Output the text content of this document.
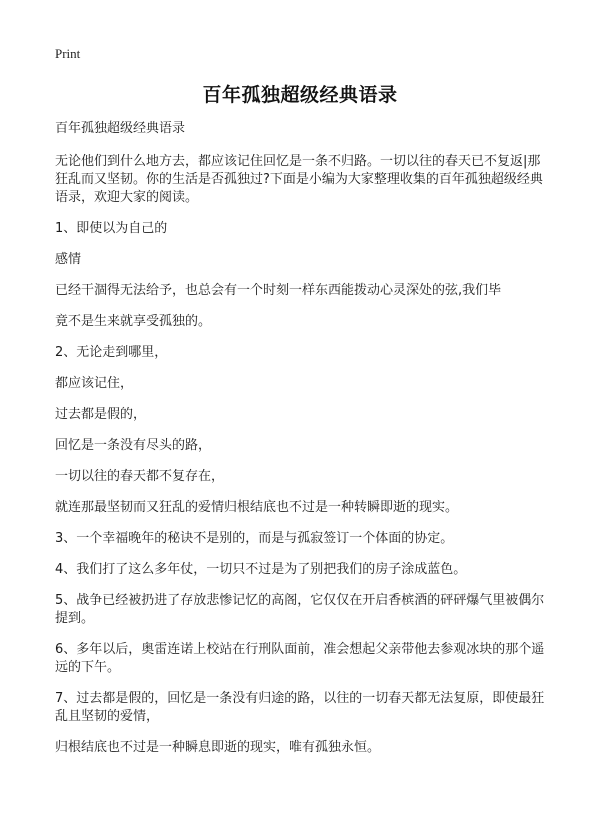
Print
百年孤独超级经典语录

百年孤独超级经典语录

无论他们到什么地方去，都应该记住回忆是一条不归路。一切以往的春天已不复返|那狂乱而又坚韧。你的生活是否孤独过?下面是小编为大家整理收集的百年孤独超级经典语录，欢迎大家的阅读。

1、即使以为自己的

感情

已经干涸得无法给予，也总会有一个时刻一样东西能拨动心灵深处的弦,我们毕

竟不是生来就享受孤独的。

2、无论走到哪里，

都应该记住，

过去都是假的，

回忆是一条没有尽头的路，

一切以往的春天都不复存在，

就连那最坚韧而又狂乱的爱情归根结底也不过是一种转瞬即逝的现实。

3、一个幸福晚年的秘诀不是别的，而是与孤寂签订一个体面的协定。

4、我们打了这么多年仗，一切只不过是为了别把我们的房子涂成蓝色。

5、战争已经被扔进了存放悲惨记忆的高阁，它仅仅在开启香槟酒的砰砰爆气里被偶尔提到。

6、多年以后，奥雷连诺上校站在行刑队面前，准会想起父亲带他去参观冰块的那个遥远的下午。

7、过去都是假的，回忆是一条没有归途的路，以往的一切春天都无法复原，即使最狂乱且坚韧的爱情，

归根结底也不过是一种瞬息即逝的现实，唯有孤独永恒。
